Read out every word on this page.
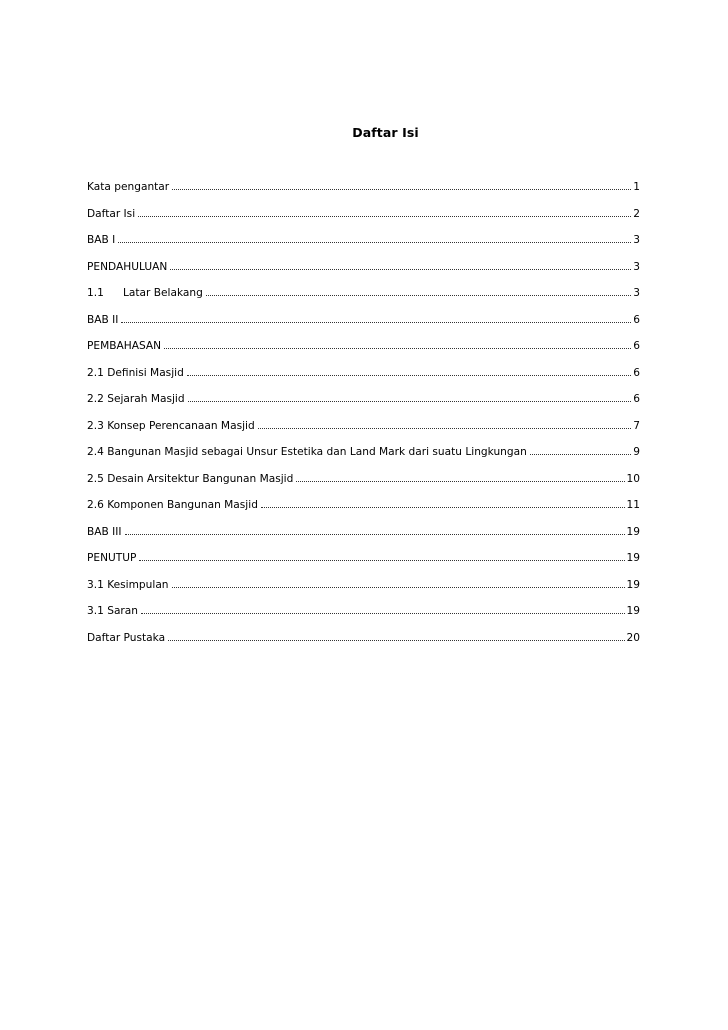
Daftar Isi
Kata pengantar	1
Daftar Isi	2
BAB I	3
PENDAHULUAN	3
1.1 Latar Belakang	3
BAB II	6
PEMBAHASAN	6
2.1 Definisi Masjid	6
2.2 Sejarah Masjid	6
2.3 Konsep Perencanaan Masjid	7
2.4 Bangunan Masjid sebagai Unsur Estetika dan Land Mark dari suatu Lingkungan	9
2.5 Desain Arsitektur Bangunan Masjid	10
2.6 Komponen Bangunan Masjid	11
BAB III	19
PENUTUP	19
3.1 Kesimpulan	19
3.1 Saran	19
Daftar Pustaka	20
